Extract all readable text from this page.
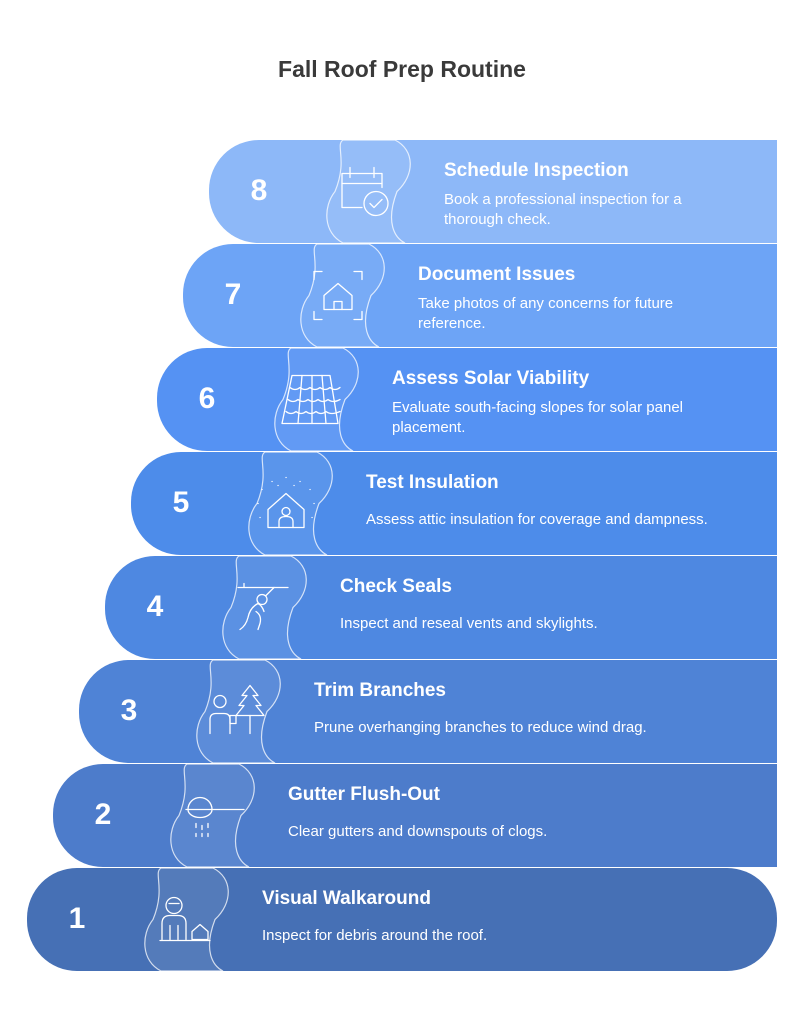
Fall Roof Prep Routine
8
Schedule Inspection
Book a professional inspection for a thorough check.
7
Document Issues
Take photos of any concerns for future reference.
6
Assess Solar Viability
Evaluate south-facing slopes for solar panel placement.
5
Test Insulation
Assess attic insulation for coverage and dampness.
4
Check Seals
Inspect and reseal vents and skylights.
3
Trim Branches
Prune overhanging branches to reduce wind drag.
2
Gutter Flush-Out
Clear gutters and downspouts of clogs.
1
Visual Walkaround
Inspect for debris around the roof.
